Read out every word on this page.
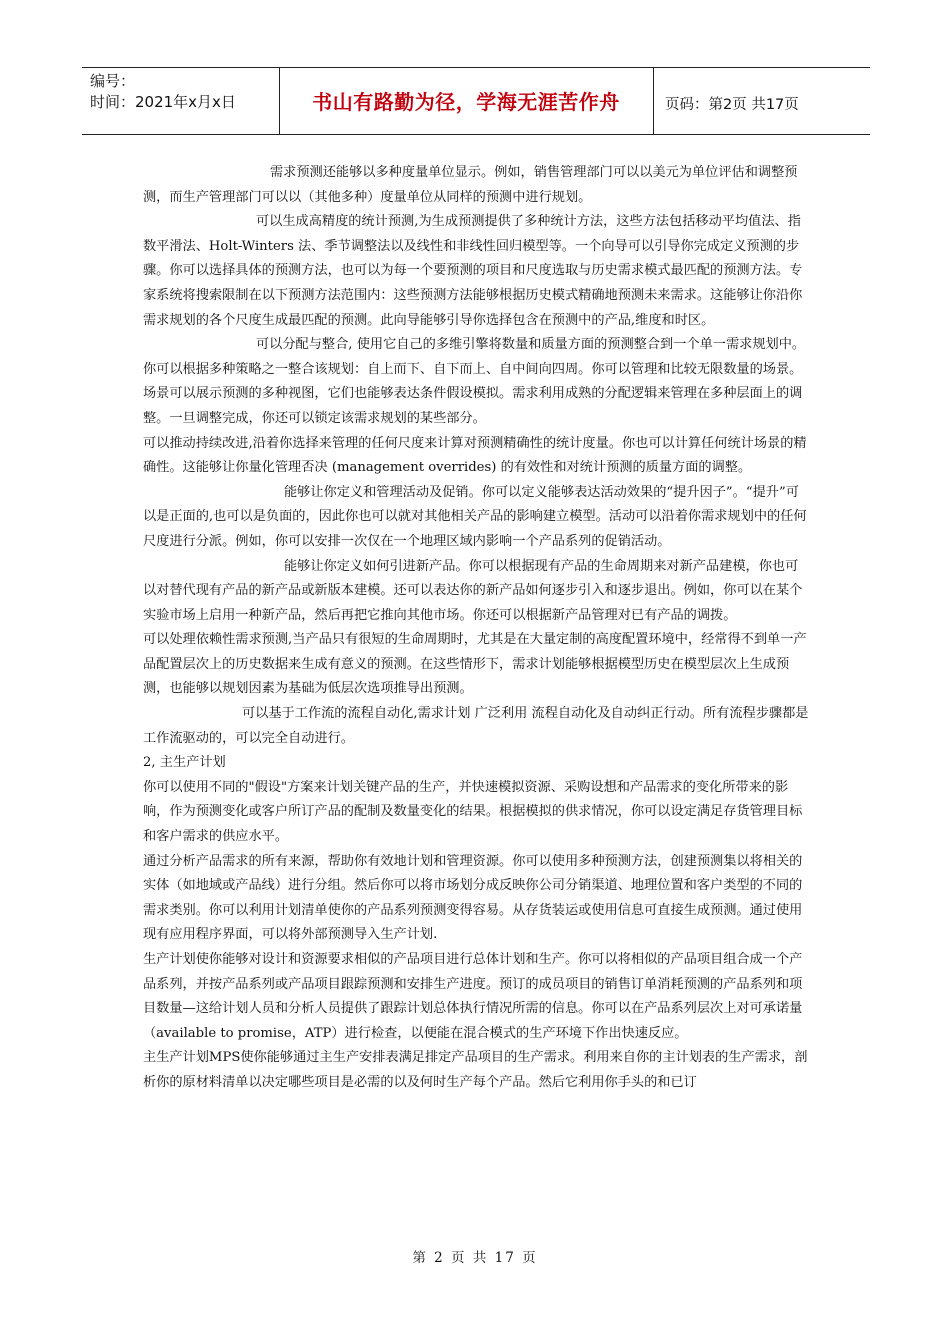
编号：
时间：2021年x月x日	书山有路勤为径，学海无涯苦作舟	页码：第2页 共17页

需求预测还能够以多种度量单位显示。例如，销售管理部门可以以美元为单位评估和调整预测，而生产管理部门可以以（其他多种）度量单位从同样的预测中进行规划。

可以生成高精度的统计预测,为生成预测提供了多种统计方法，这些方法包括移动平均值法、指数平滑法、Holt-Winters 法、季节调整法以及线性和非线性回归模型等。一个向导可以引导你完成定义预测的步骤。你可以选择具体的预测方法，也可以为每一个要预测的项目和尺度选取与历史需求模式最匹配的预测方法。专家系统将搜索限制在以下预测方法范围内：这些预测方法能够根据历史模式精确地预测未来需求。这能够让你沿你需求规划的各个尺度生成最匹配的预测。此向导能够引导你选择包含在预测中的产品,维度和时区。

可以分配与整合, 使用它自己的多维引擎将数量和质量方面的预测整合到一个单一需求规划中。你可以根据多种策略之一整合该规划：自上而下、自下而上、自中间向四周。你可以管理和比较无限数量的场景。场景可以展示预测的多种视图，它们也能够表达条件假设模拟。需求利用成熟的分配逻辑来管理在多种层面上的调整。一旦调整完成，你还可以锁定该需求规划的某些部分。

可以推动持续改进,沿着你选择来管理的任何尺度来计算对预测精确性的统计度量。你也可以计算任何统计场景的精确性。这能够让你量化管理否决 (management overrides) 的有效性和对统计预测的质量方面的调整。

能够让你定义和管理活动及促销。你可以定义能够表达活动效果的“提升因子”。“提升”可以是正面的,也可以是负面的，因此你也可以就对其他相关产品的影响建立模型。活动可以沿着你需求规划中的任何尺度进行分派。例如，你可以安排一次仅在一个地理区域内影响一个产品系列的促销活动。

能够让你定义如何引进新产品。你可以根据现有产品的生命周期来对新产品建模，你也可以对替代现有产品的新产品或新版本建模。还可以表达你的新产品如何逐步引入和逐步退出。例如，你可以在某个实验市场上启用一种新产品，然后再把它推向其他市场。你还可以根据新产品管理对已有产品的调拨。

可以处理依赖性需求预测,当产品只有很短的生命周期时，尤其是在大量定制的高度配置环境中，经常得不到单一产品配置层次上的历史数据来生成有意义的预测。在这些情形下，需求计划能够根据模型历史在模型层次上生成预测，也能够以规划因素为基础为低层次选项推导出预测。

可以基于工作流的流程自动化,需求计划 广泛利用 流程自动化及自动纠正行动。所有流程步骤都是工作流驱动的，可以完全自动进行。

2, 主生产计划

你可以使用不同的"假设"方案来计划关键产品的生产，并快速模拟资源、采购设想和产品需求的变化所带来的影响，作为预测变化或客户所订产品的配制及数量变化的结果。根据模拟的供求情况，你可以设定满足存货管理目标和客户需求的供应水平。

通过分析产品需求的所有来源，帮助你有效地计划和管理资源。你可以使用多种预测方法，创建预测集以将相关的实体（如地域或产品线）进行分组。然后你可以将市场划分成反映你公司分销渠道、地理位置和客户类型的不同的需求类别。你可以利用计划清单使你的产品系列预测变得容易。从存货装运或使用信息可直接生成预测。通过使用现有应用程序界面，可以将外部预测导入生产计划.

生产计划使你能够对设计和资源要求相似的产品项目进行总体计划和生产。你可以将相似的产品项目组合成一个产品系列，并按产品系列或产品项目跟踪预测和安排生产进度。预订的成员项目的销售订单消耗预测的产品系列和项目数量—这给计划人员和分析人员提供了跟踪计划总体执行情况所需的信息。你可以在产品系列层次上对可承诺量（available to promise，ATP）进行检查，以便能在混合模式的生产环境下作出快速反应。

主生产计划MPS使你能够通过主生产安排表满足排定产品项目的生产需求。利用来自你的主计划表的生产需求，剖析你的原材料清单以决定哪些项目是必需的以及何时生产每个产品。然后它利用你手头的和已订

第 2 页 共 17 页
